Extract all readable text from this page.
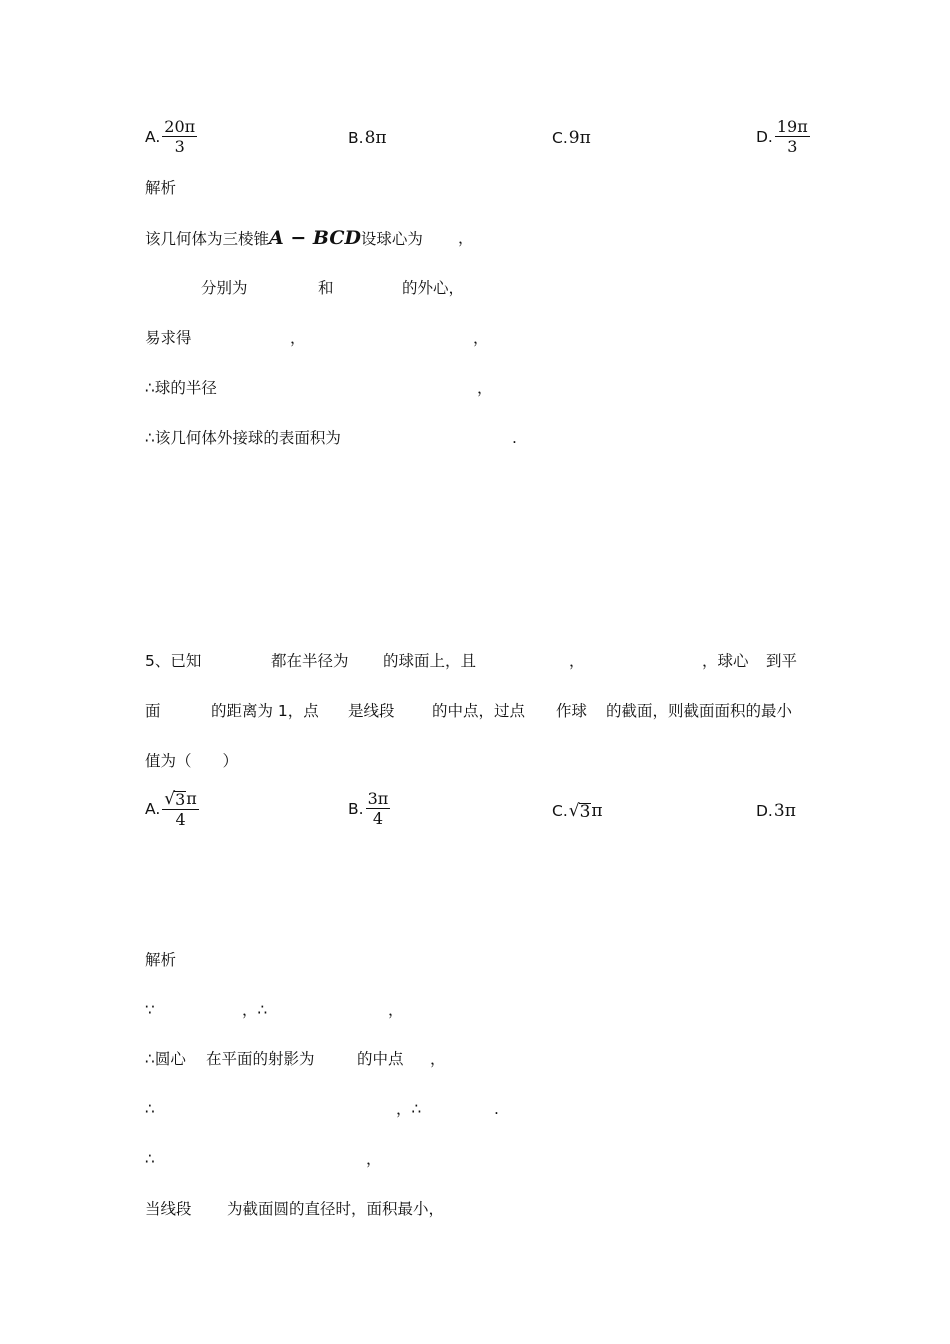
A. $\frac{20\pi}{3}$	B. 8π	C. 9π	D. $\frac{19\pi}{3}$
解析
该几何体为三棱锥A − BCD设球心为 ，
分别为	和	的外心，
易求得	，	，
∴球的半径	，
∴该几何体外接球的表面积为	.
5、已知	都在半径为 的球面上，且	，	，球心 到平
面	的距离为 1，点 是线段 的中点，过点 作球 的截面，则截面面积的最小
值为（　　）
A. $\frac{√ 3 \pi}{4}$	B. $\frac{3\pi}{4}$	C. √ 3 π	D. 3π
解析
∵	，∴	，
∴圆心 在平面的射影为	的中点 ，
∴	，∴	.
∴	，
当线段 为截面圆的直径时，面积最小，
